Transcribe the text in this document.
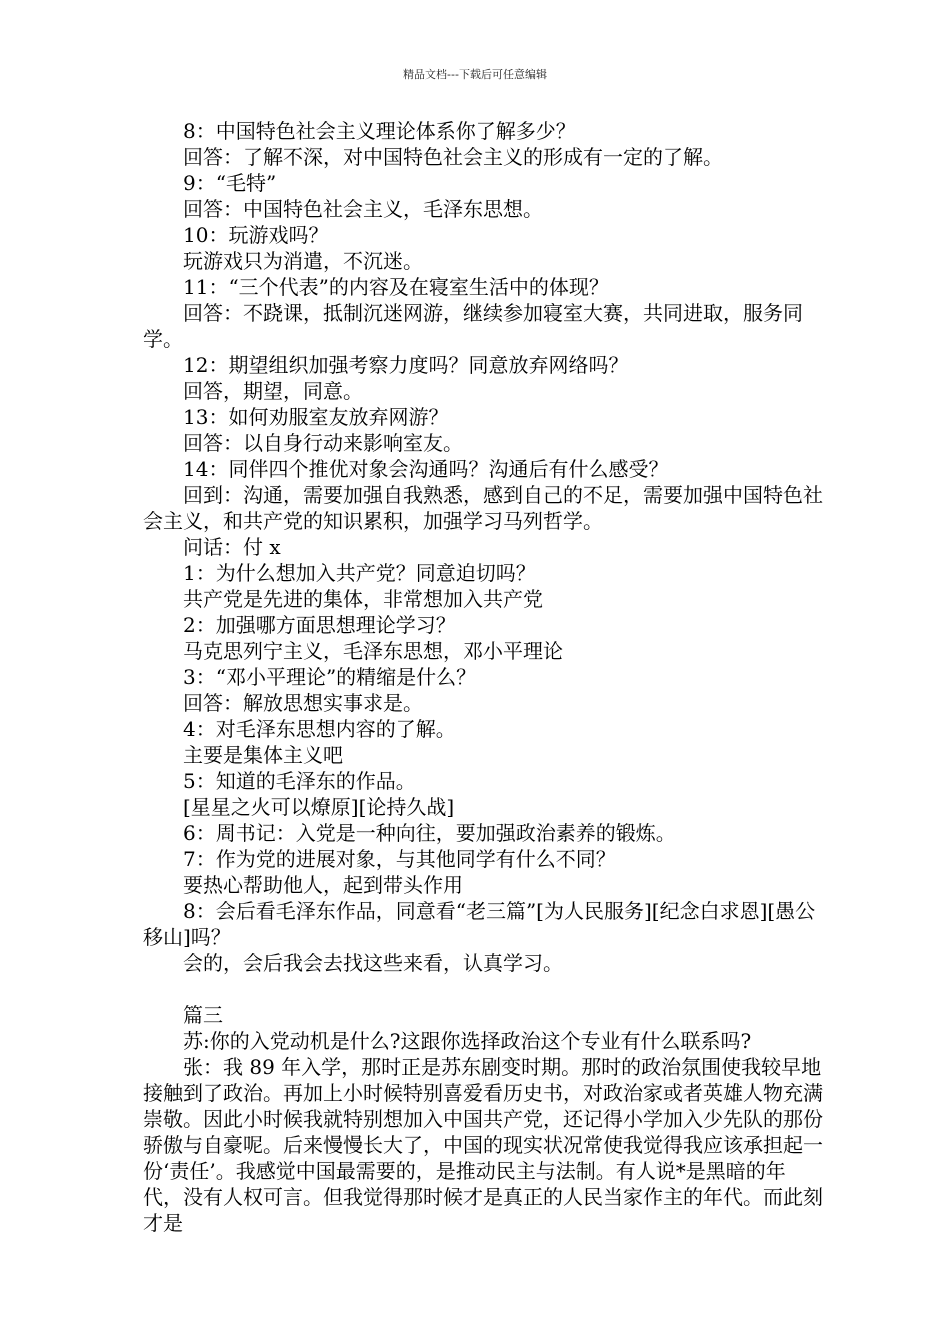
精品文档---下载后可任意编辑

8：中国特色社会主义理论体系你了解多少？

回答：了解不深，对中国特色社会主义的形成有一定的了解。

9：“毛特”

回答：中国特色社会主义，毛泽东思想。

10：玩游戏吗？

玩游戏只为消遣，不沉迷。

11：“三个代表”的内容及在寝室生活中的体现？

回答：不跷课，抵制沉迷网游，继续参加寝室大赛，共同进取，服务同学。

12：期望组织加强考察力度吗？同意放弃网络吗？

回答，期望，同意。

13：如何劝服室友放弃网游？

回答：以自身行动来影响室友。

14：同伴四个推优对象会沟通吗？沟通后有什么感受？

回到：沟通，需要加强自我熟悉，感到自己的不足，需要加强中国特色社会主义，和共产党的知识累积，加强学习马列哲学。

问话：付 x

1：为什么想加入共产党？同意迫切吗？

共产党是先进的集体，非常想加入共产党

2：加强哪方面思想理论学习？

马克思列宁主义，毛泽东思想，邓小平理论

3：“邓小平理论”的精缩是什么？

回答：解放思想实事求是。

4：对毛泽东思想内容的了解。

主要是集体主义吧

5：知道的毛泽东的作品。

[星星之火可以燎原][论持久战]

6：周书记：入党是一种向往，要加强政治素养的锻炼。

7：作为党的进展对象，与其他同学有什么不同？

要热心帮助他人，起到带头作用

8：会后看毛泽东作品，同意看“老三篇”[为人民服务][纪念白求恩][愚公移山]吗？

会的，会后我会去找这些来看，认真学习。

篇三

苏:你的入党动机是什么?这跟你选择政治这个专业有什么联系吗?

张：我 89 年入学，那时正是苏东剧变时期。那时的政治氛围使我较早地接触到了政治。再加上小时候特别喜爱看历史书，对政治家或者英雄人物充满崇敬。因此小时候我就特别想加入中国共产党，还记得小学加入少先队的那份骄傲与自豪呢。后来慢慢长大了，中国的现实状况常使我觉得我应该承担起一份‘责任’。我感觉中国最需要的，是推动民主与法制。有人说*是黑暗的年代，没有人权可言。但我觉得那时候才是真正的人民当家作主的年代。而此刻才是
